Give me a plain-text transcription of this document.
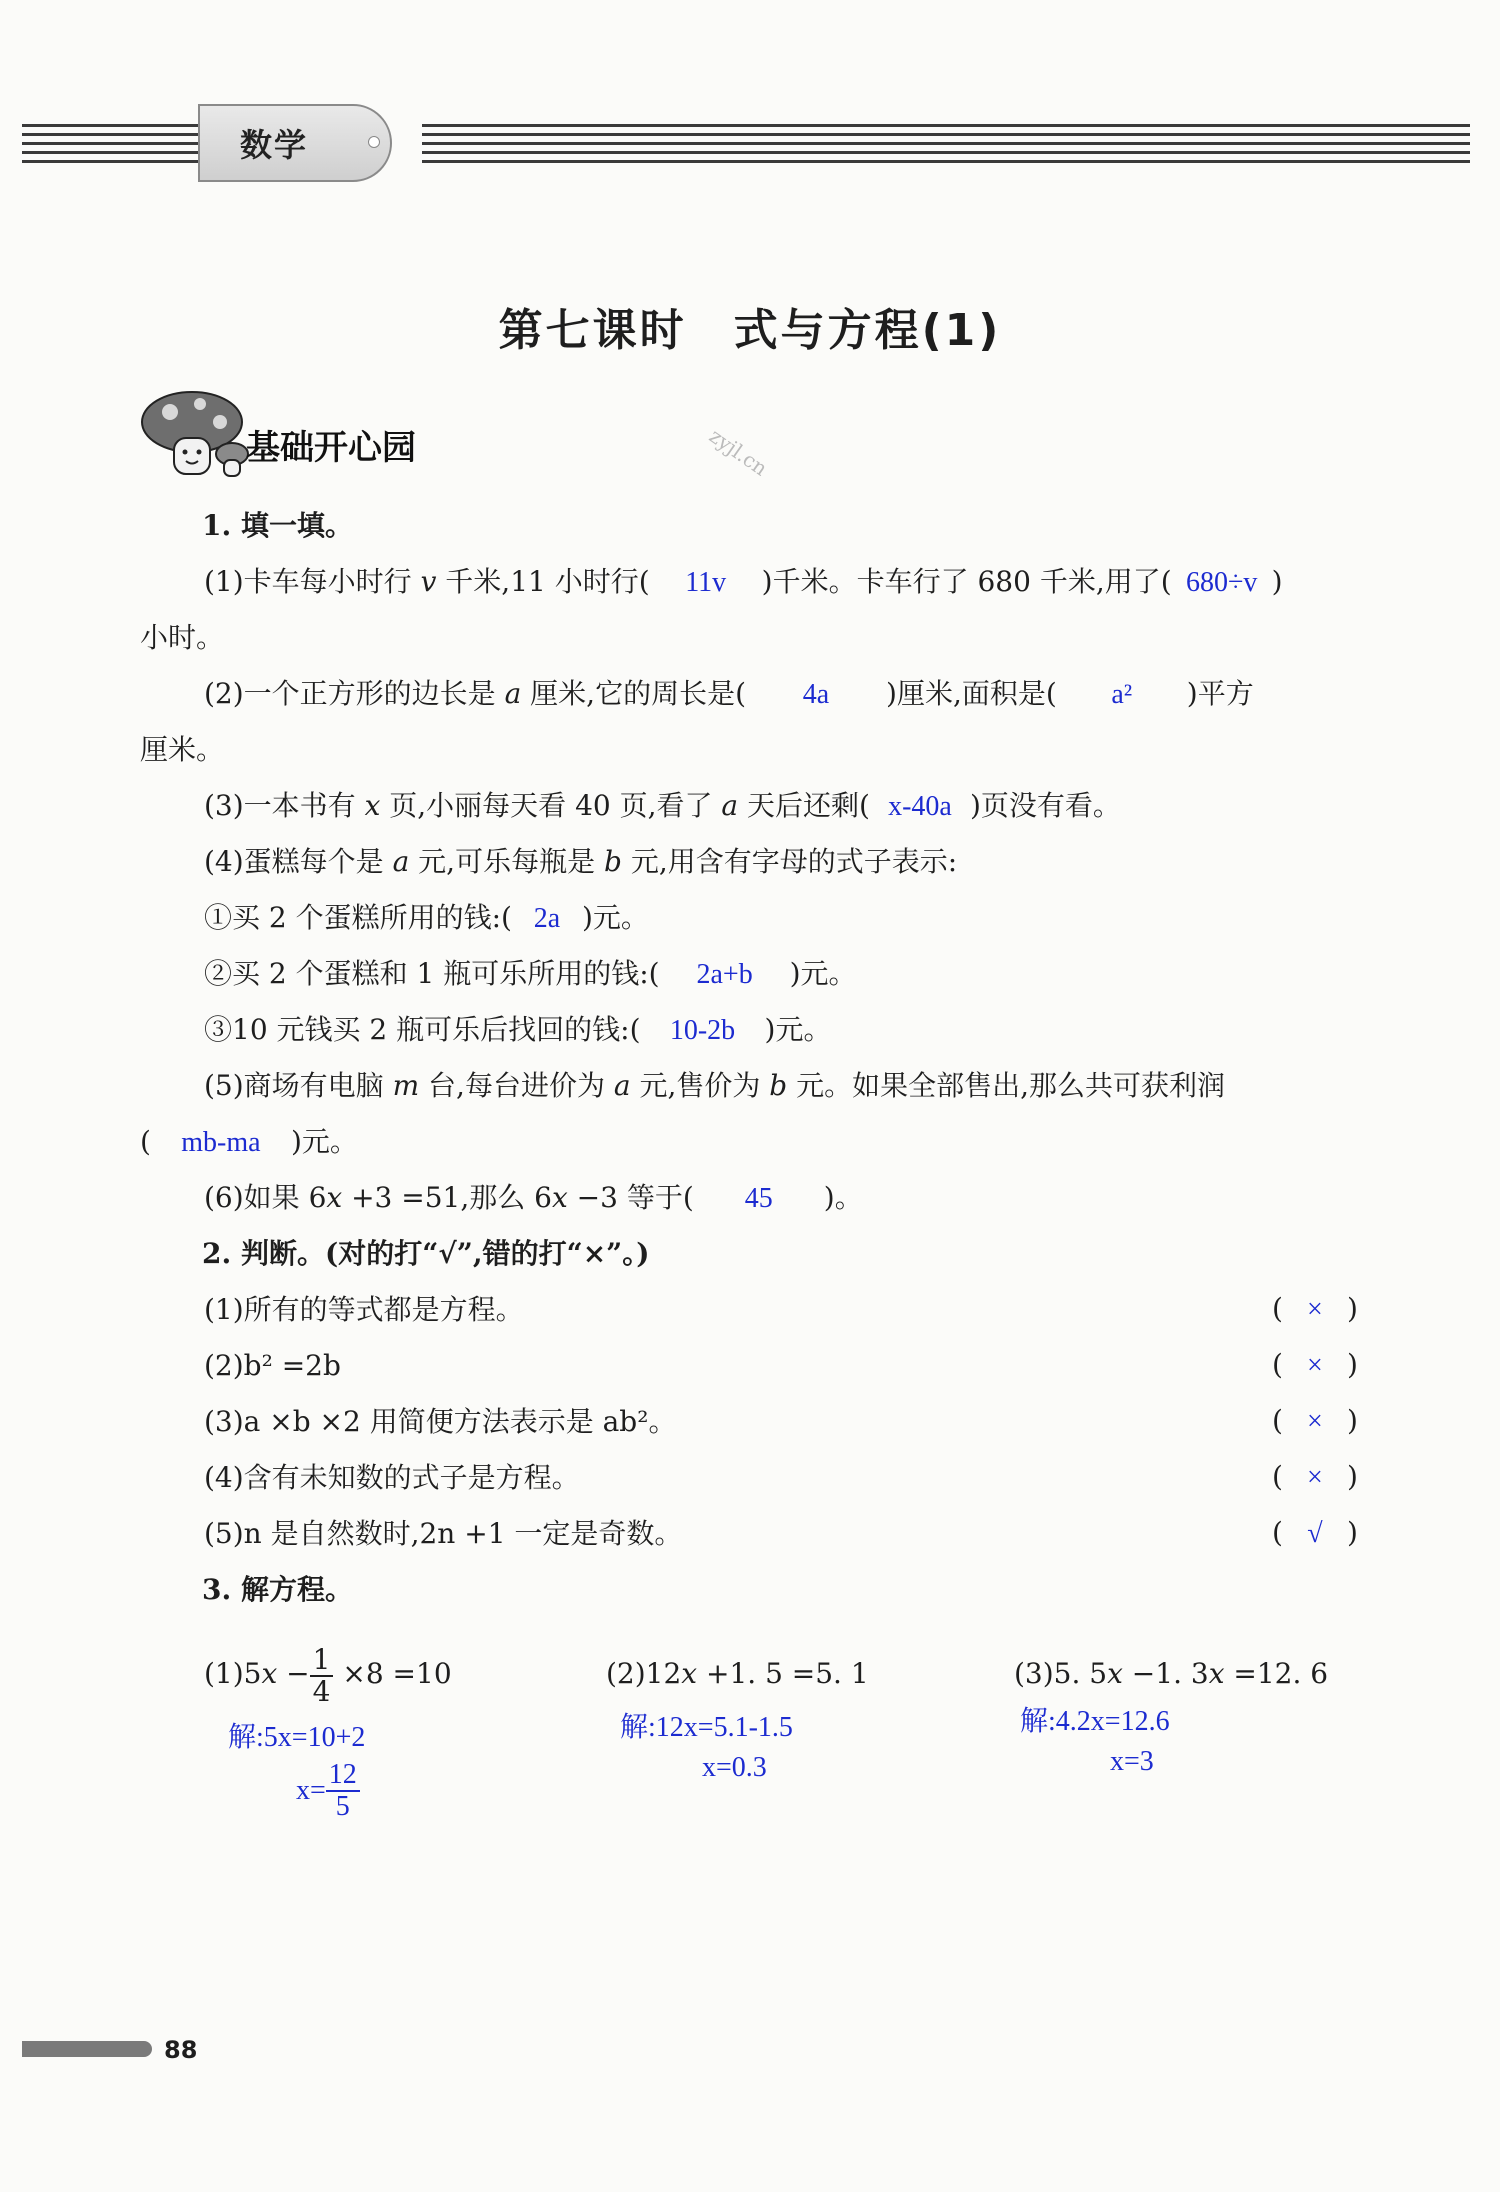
数学
第七课时　式与方程(1)
基础开心园	zyjl.cn
1. 填一填。
(1)卡车每小时行 v 千米,11 小时行( 11v )千米。卡车行了 680 千米,用了( 680÷v )
小时。
(2)一个正方形的边长是 a 厘米,它的周长是( 4a )厘米,面积是( a² )平方
厘米。
(3)一本书有 x 页,小丽每天看 40 页,看了 a 天后还剩( x-40a )页没有看。
(4)蛋糕每个是 a 元,可乐每瓶是 b 元,用含有字母的式子表示:
①买 2 个蛋糕所用的钱:( 2a )元。
②买 2 个蛋糕和 1 瓶可乐所用的钱:( 2a+b )元。
③10 元钱买 2 瓶可乐后找回的钱:( 10-2b )元。
(5)商场有电脑 m 台,每台进价为 a 元,售价为 b 元。如果全部售出,那么共可获利润
( mb-ma )元。
(6)如果 6x +3 =51,那么 6x −3 等于( 45 )。
2. 判断。(对的打“√”,错的打“×”。)
(1)所有的等式都是方程。	( × )
(2)b² =2b	( × )
(3)a ×b ×2 用简便方法表示是 ab²。	( × )
(4)含有未知数的式子是方程。	( × )
(5)n 是自然数时,2n +1 一定是奇数。	( √ )
3. 解方程。
$(1)5x - \frac{1}{4} \times 8 =10$
解:5x=10+2
$x= \frac{12}{5}$
(2)12x +1. 5 =5. 1
解:12x=5.1-1.5
x=0.3
(3)5. 5x −1. 3x =12. 6
解:4.2x=12.6
x=3
88
